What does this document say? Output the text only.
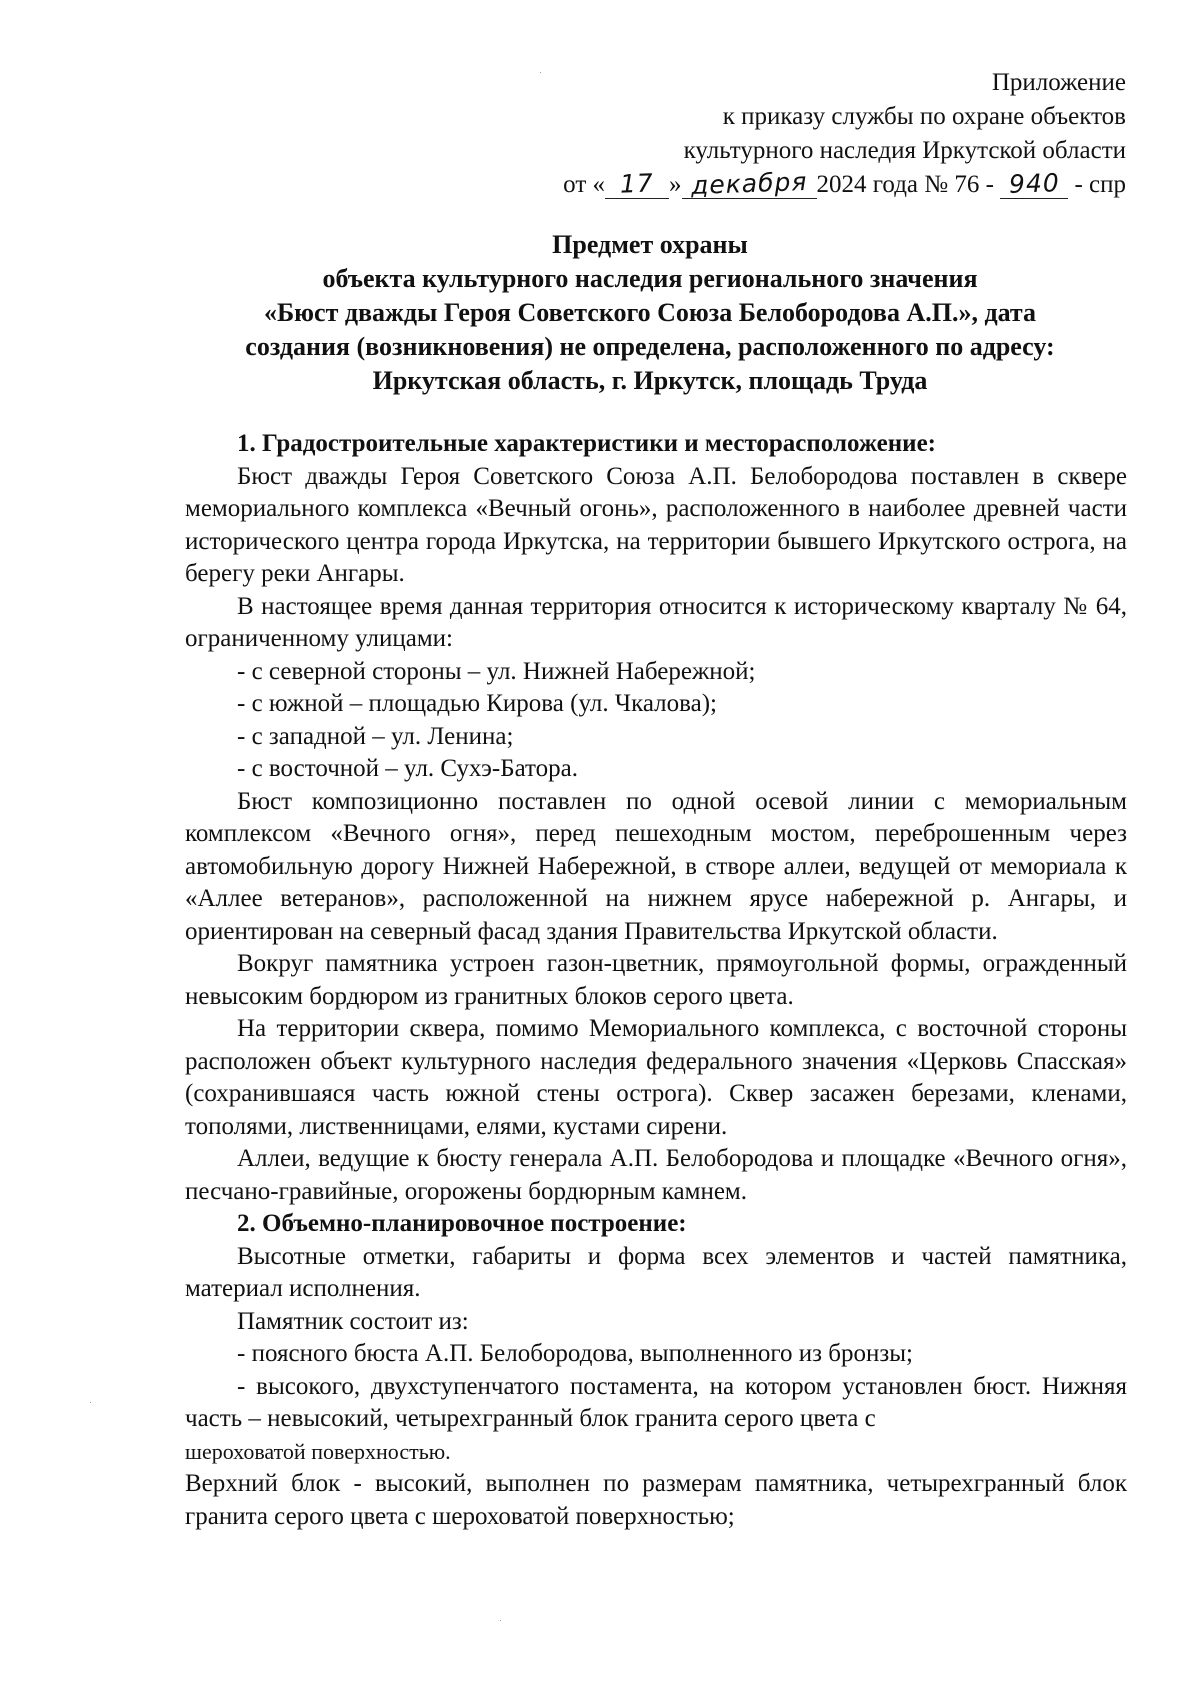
Приложение
к приказу службы по охране объектов
культурного наследия Иркутской области
от « 17 » декабря 2024 года № 76 - 940 - спр
Предмет охраны
объекта культурного наследия регионального значения
«Бюст дважды Героя Советского Союза Белобородова А.П.», дата
создания (возникновения) не определена, расположенного по адресу:
Иркутская область, г. Иркутск, площадь Труда

1. Градостроительные характеристики и месторасположение:

Бюст дважды Героя Советского Союза А.П. Белобородова поставлен в сквере мемориального комплекса «Вечный огонь», расположенного в наиболее древней части исторического центра города Иркутска, на территории бывшего Иркутского острога, на берегу реки Ангары.

В настоящее время данная территория относится к историческому кварталу № 64, ограниченному улицами:

- с северной стороны – ул. Нижней Набережной;

- с южной – площадью Кирова (ул. Чкалова);

- с западной – ул. Ленина;

- с восточной – ул. Сухэ-Батора.

Бюст композиционно поставлен по одной осевой линии с мемориальным комплексом «Вечного огня», перед пешеходным мостом, переброшенным через автомобильную дорогу Нижней Набережной, в створе аллеи, ведущей от мемориала к «Аллее ветеранов», расположенной на нижнем ярусе набережной р. Ангары, и ориентирован на северный фасад здания Правительства Иркутской области.

Вокруг памятника устроен газон-цветник, прямоугольной формы, огражденный невысоким бордюром из гранитных блоков серого цвета.

На территории сквера, помимо Мемориального комплекса, с восточной стороны расположен объект культурного наследия федерального значения «Церковь Спасская» (сохранившаяся часть южной стены острога). Сквер засажен березами, кленами, тополями, лиственницами, елями, кустами сирени.

Аллеи, ведущие к бюсту генерала А.П. Белобородова и площадке «Вечного огня», песчано-гравийные, огорожены бордюрным камнем.

2. Объемно-планировочное построение:

Высотные отметки, габариты и форма всех элементов и частей памятника, материал исполнения.

Памятник состоит из:

- поясного бюста А.П. Белобородова, выполненного из бронзы;

- высокого, двухступенчатого постамента, на котором установлен бюст. Нижняя часть – невысокий, четырехгранный блок гранита серого цвета с

шероховатой поверхностью.

Верхний блок - высокий, выполнен по размерам памятника, четырехгранный блок гранита серого цвета с шероховатой поверхностью;
